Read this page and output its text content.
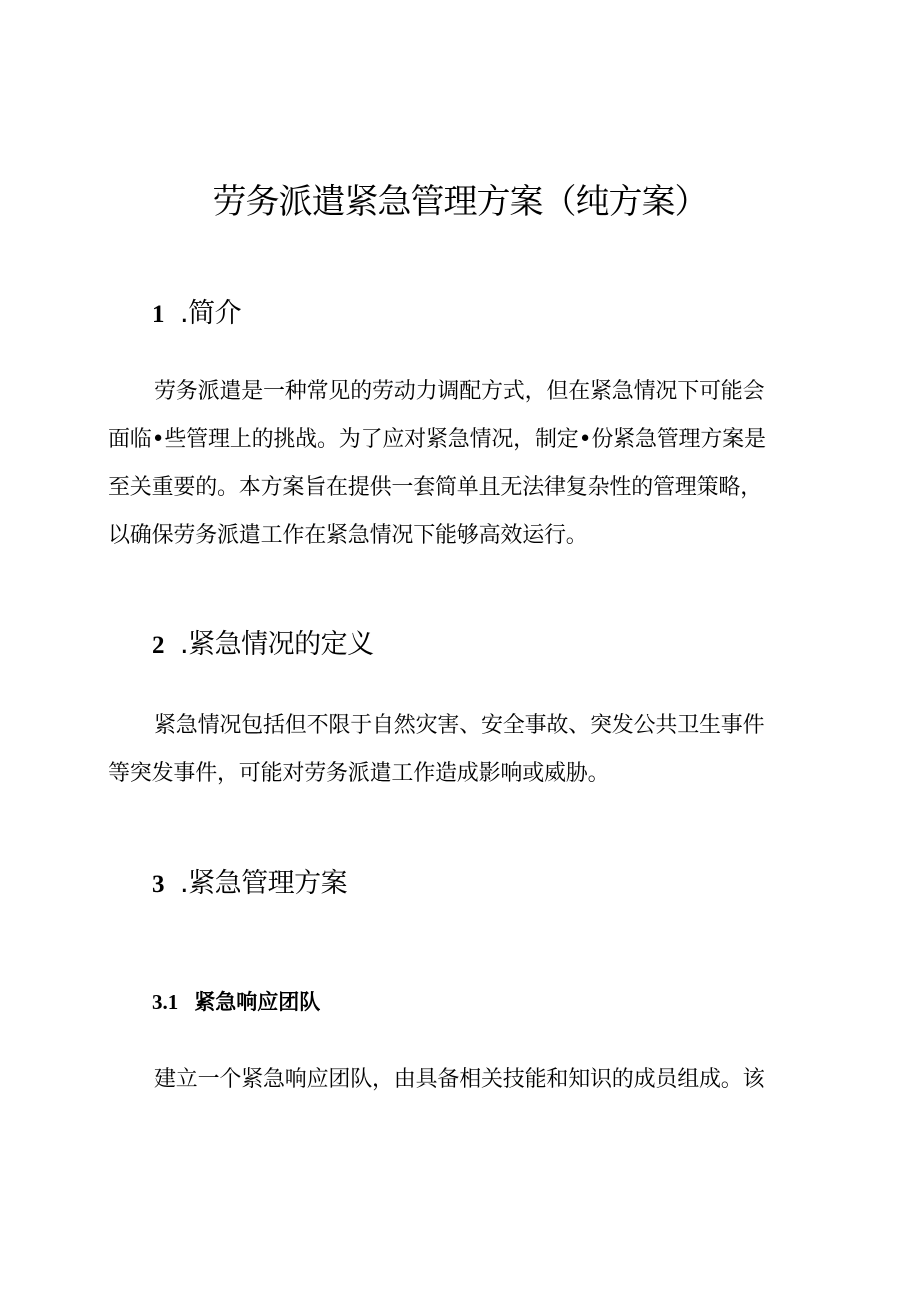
劳务派遣紧急管理方案（纯方案）
1 .简介
劳务派遣是一种常见的劳动力调配方式，但在紧急情况下可能会
面临•些管理上的挑战。为了应对紧急情况，制定•份紧急管理方案是
至关重要的。本方案旨在提供一套简单且无法律复杂性的管理策略，
以确保劳务派遣工作在紧急情况下能够高效运行。
2 .紧急情况的定义
紧急情况包括但不限于自然灾害、安全事故、突发公共卫生事件
等突发事件，可能对劳务派遣工作造成影响或威胁。
3 .紧急管理方案
3.1 紧急响应团队
建立一个紧急响应团队，由具备相关技能和知识的成员组成。该
